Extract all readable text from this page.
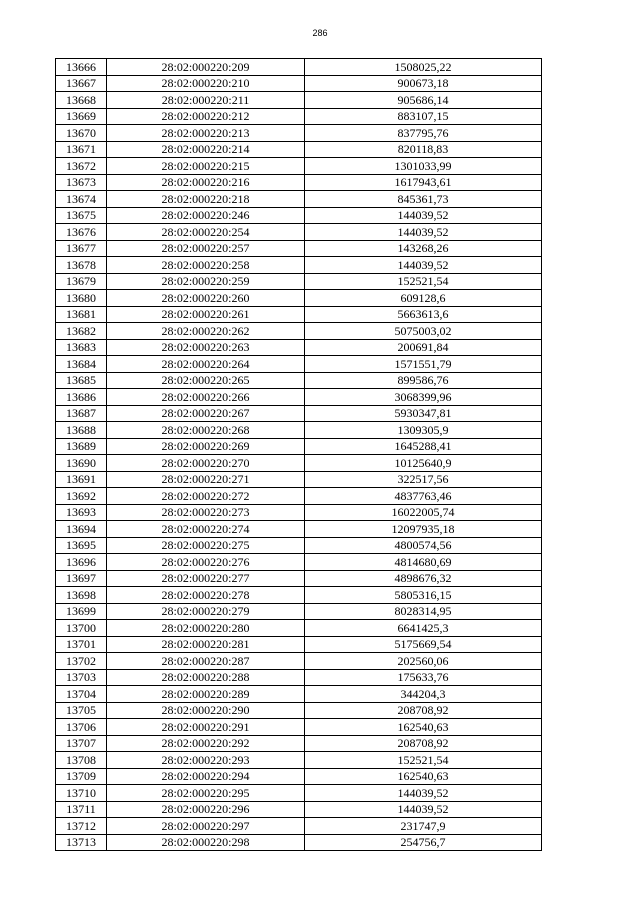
286
13666	28:02:000220:209	1508025,22
13667	28:02:000220:210	900673,18
13668	28:02:000220:211	905686,14
13669	28:02:000220:212	883107,15
13670	28:02:000220:213	837795,76
13671	28:02:000220:214	820118,83
13672	28:02:000220:215	1301033,99
13673	28:02:000220:216	1617943,61
13674	28:02:000220:218	845361,73
13675	28:02:000220:246	144039,52
13676	28:02:000220:254	144039,52
13677	28:02:000220:257	143268,26
13678	28:02:000220:258	144039,52
13679	28:02:000220:259	152521,54
13680	28:02:000220:260	609128,6
13681	28:02:000220:261	5663613,6
13682	28:02:000220:262	5075003,02
13683	28:02:000220:263	200691,84
13684	28:02:000220:264	1571551,79
13685	28:02:000220:265	899586,76
13686	28:02:000220:266	3068399,96
13687	28:02:000220:267	5930347,81
13688	28:02:000220:268	1309305,9
13689	28:02:000220:269	1645288,41
13690	28:02:000220:270	10125640,9
13691	28:02:000220:271	322517,56
13692	28:02:000220:272	4837763,46
13693	28:02:000220:273	16022005,74
13694	28:02:000220:274	12097935,18
13695	28:02:000220:275	4800574,56
13696	28:02:000220:276	4814680,69
13697	28:02:000220:277	4898676,32
13698	28:02:000220:278	5805316,15
13699	28:02:000220:279	8028314,95
13700	28:02:000220:280	6641425,3
13701	28:02:000220:281	5175669,54
13702	28:02:000220:287	202560,06
13703	28:02:000220:288	175633,76
13704	28:02:000220:289	344204,3
13705	28:02:000220:290	208708,92
13706	28:02:000220:291	162540,63
13707	28:02:000220:292	208708,92
13708	28:02:000220:293	152521,54
13709	28:02:000220:294	162540,63
13710	28:02:000220:295	144039,52
13711	28:02:000220:296	144039,52
13712	28:02:000220:297	231747,9
13713	28:02:000220:298	254756,7
